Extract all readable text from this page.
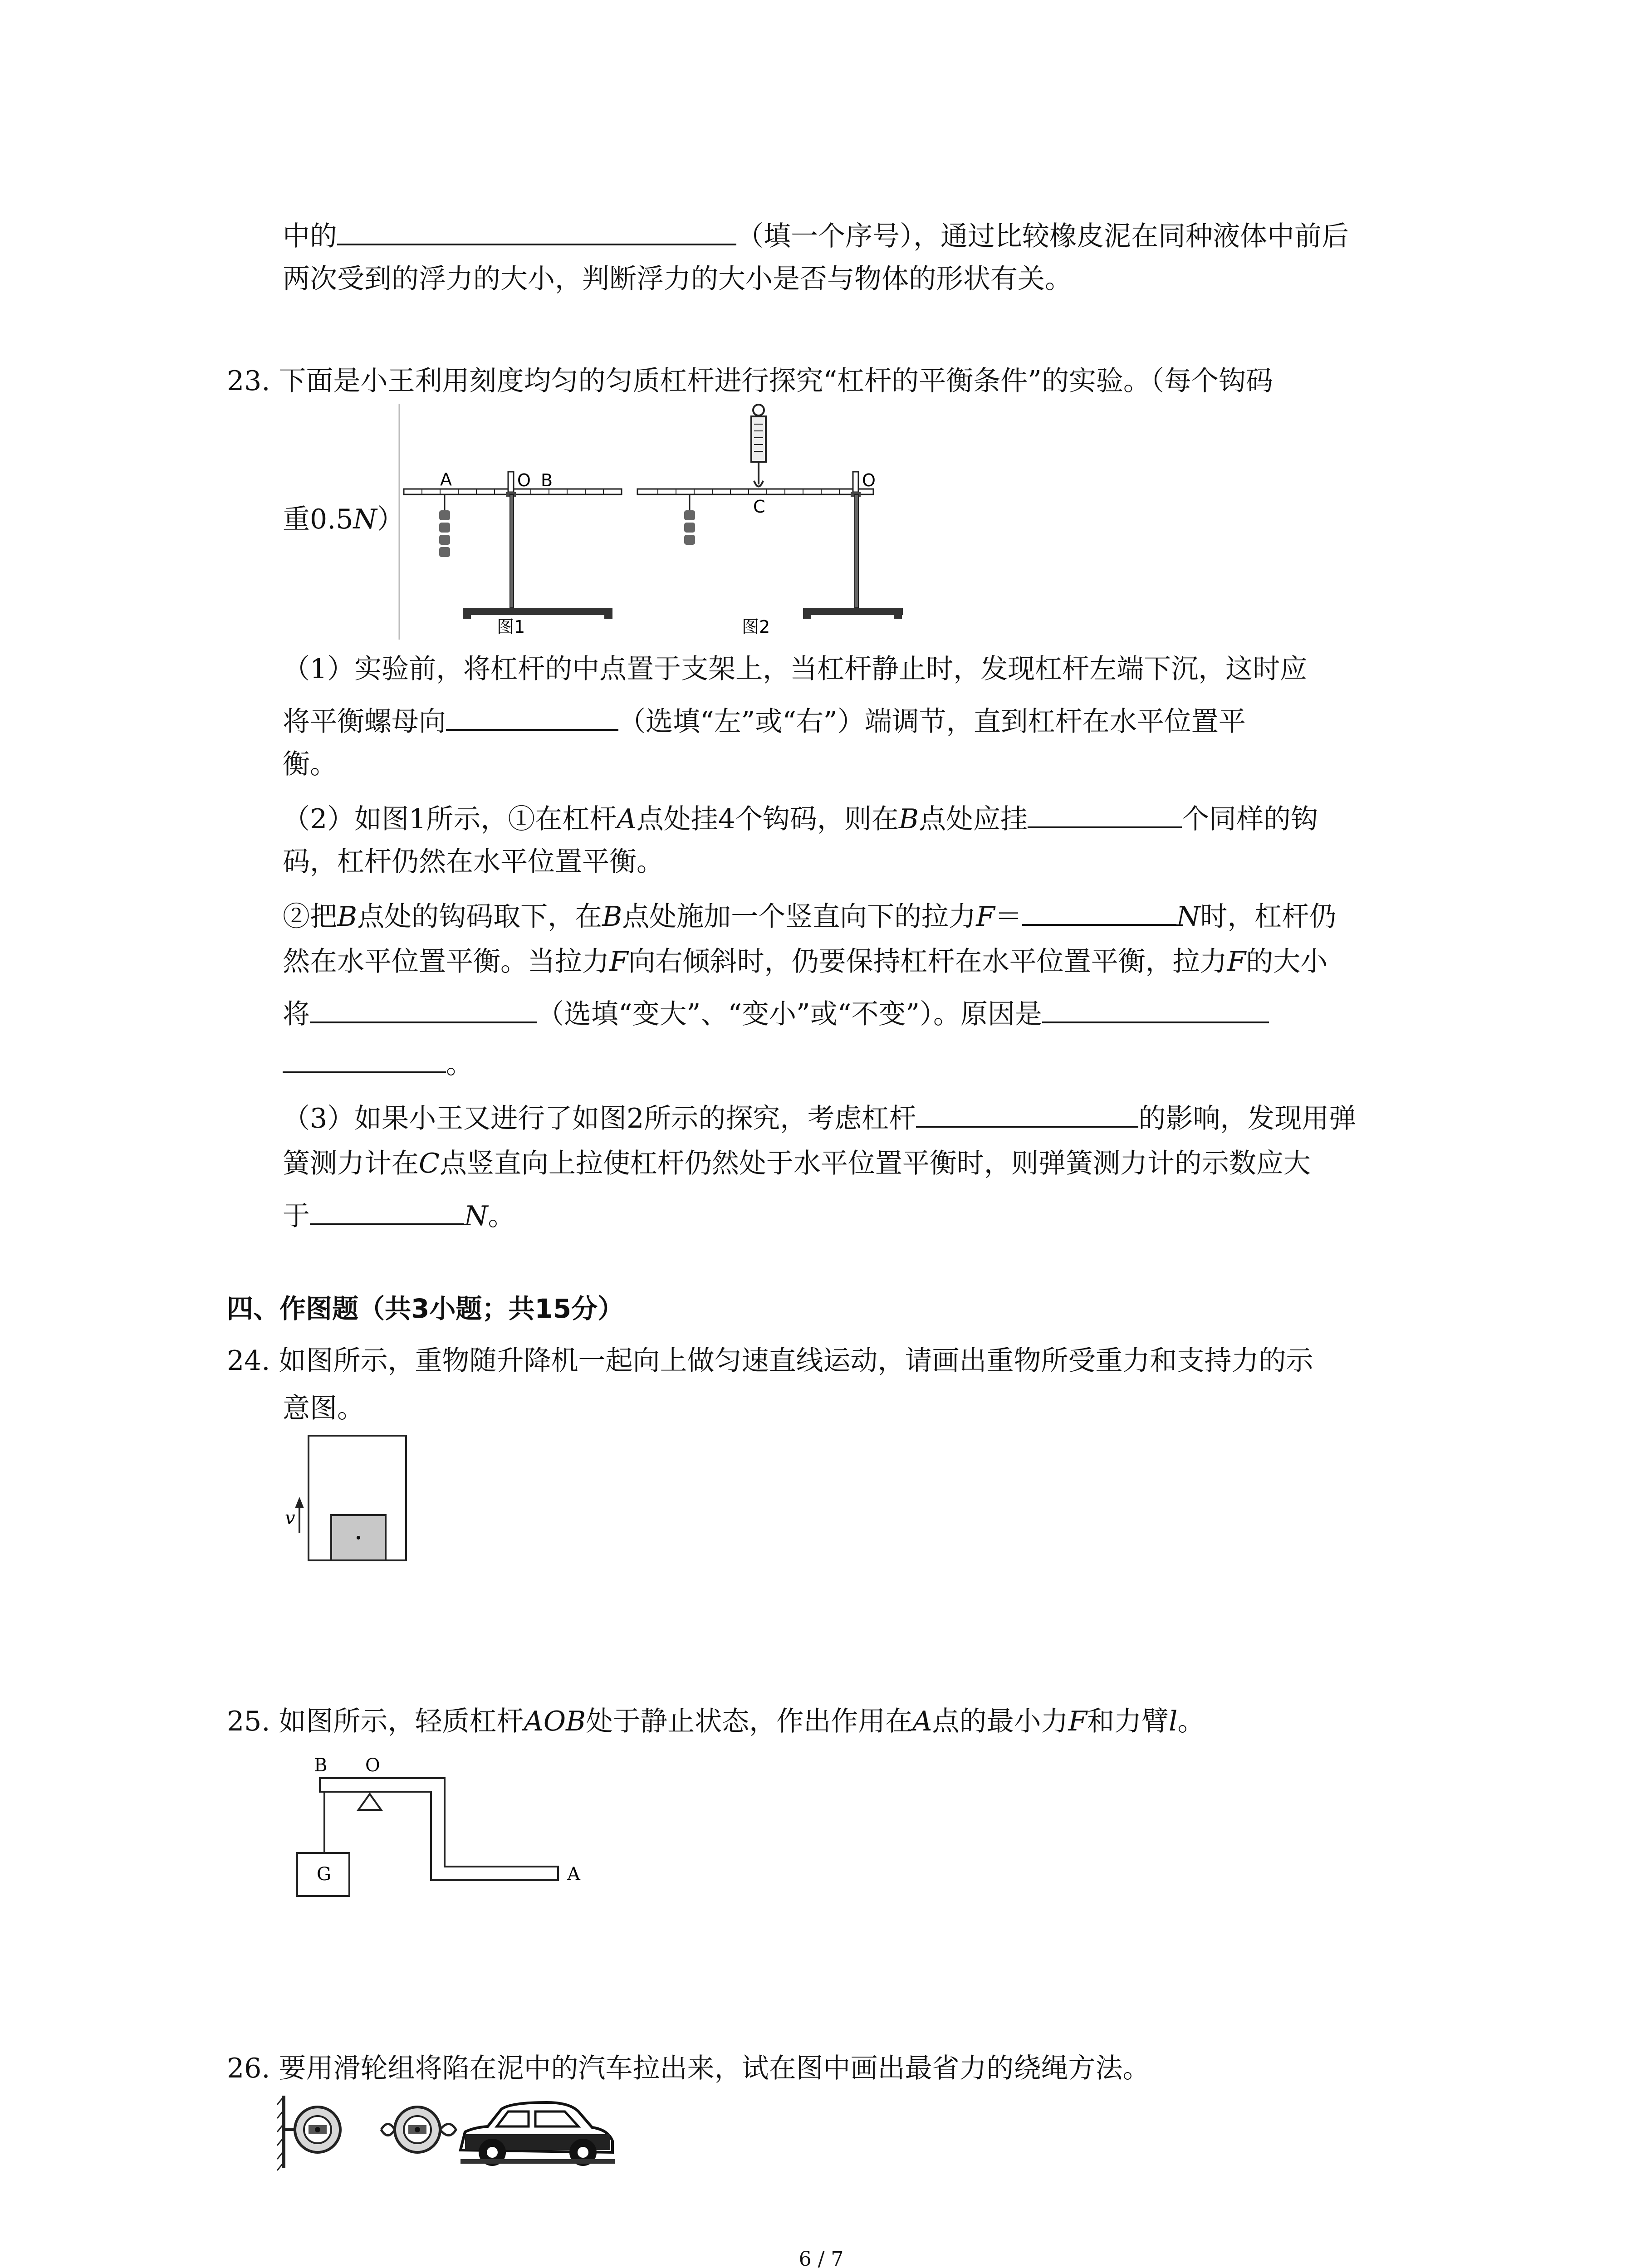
中的	（填一个序号），通过比较橡皮泥在同种液体中前后
两次受到的浮力的大小，判断浮力的大小是否与物体的形状有关。
23. 下面是小王利用刻度均匀的匀质杠杆进行探究“杠杆的平衡条件”的实验。（每个钩码
重0.5N）
A	O B
图1
C
O
图2
（1）实验前，将杠杆的中点置于支架上，当杠杆静止时，发现杠杆左端下沉，这时应
将平衡螺母向	（选填“左”或“右”）端调节，直到杠杆在水平位置平
衡。
（2）如图1所示，①在杠杆A点处挂4个钩码，则在B点处应挂	个同样的钩
码，杠杆仍然在水平位置平衡。
②把B点处的钩码取下，在B点处施加一个竖直向下的拉力F＝	N时，杠杆仍
然在水平位置平衡。当拉力F向右倾斜时，仍要保持杠杆在水平位置平衡，拉力F的大小
将	（选填“变大”、“变小”或“不变”）。原因是
。
（3）如果小王又进行了如图2所示的探究，考虑杠杆	的影响，发现用弹
簧测力计在C点竖直向上拉使杠杆仍然处于水平位置平衡时，则弹簧测力计的示数应大
于	N。
四、作图题（共3小题；共15分）
24. 如图所示，重物随升降机一起向上做匀速直线运动，请画出重物所受重力和支持力的示
意图。
v
25. 如图所示，轻质杠杆AOB处于静止状态，作出作用在A点的最小力F和力臂l。
G
B O
A
26. 要用滑轮组将陷在泥中的汽车拉出来，试在图中画出最省力的绕绳方法。
6 / 7
